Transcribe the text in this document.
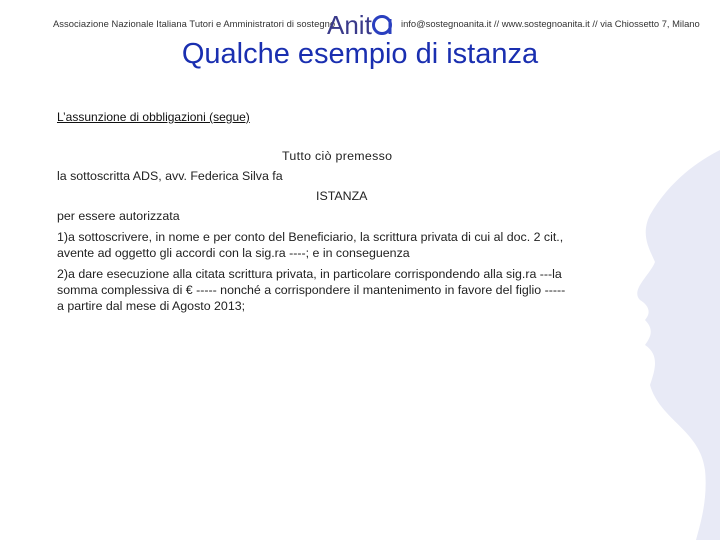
Associazione Nazionale Italiana Tutori e Amministratori di sostegno
Anit	info@sostegnoanita.it // www.sostegnoanita.it // via Chiossetto 7, Milano
Qualche esempio di istanza
L’assunzione di obbligazioni (segue)
Tutto ciò premesso
la sottoscritta ADS, avv. Federica Silva fa
ISTANZA
per essere autorizzata
1)a sottoscrivere, in nome e per conto del Beneficiario, la scrittura privata di cui al doc. 2 cit.,
avente ad oggetto gli accordi con la sig.ra ----; e in conseguenza
2)a dare esecuzione alla citata scrittura privata, in particolare corrispondendo alla sig.ra ---la
somma complessiva di € ----- nonché a corrispondere il mantenimento in favore del figlio -----
a partire dal mese di Agosto 2013;
